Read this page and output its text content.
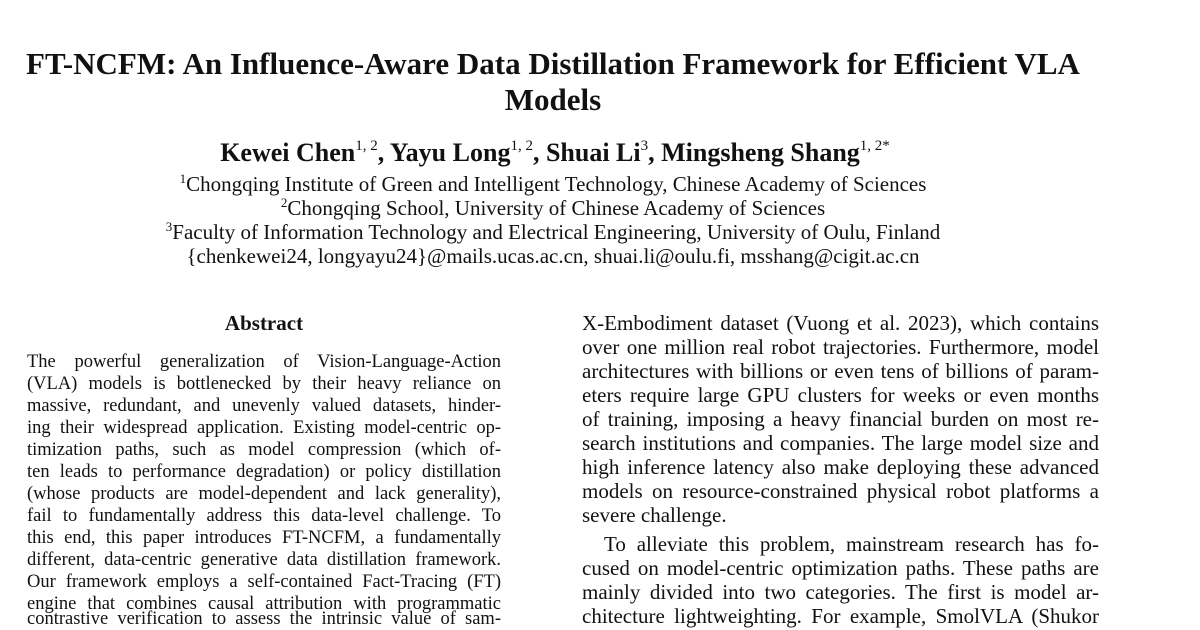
FT-NCFM: An Influence-Aware Data Distillation Framework for Efficient VLA
Models
Kewei Chen$^{1, 2}$, Yayu Long$^{1, 2}$, Shuai Li$^3$, Mingsheng Shang$^{1, 2*}$
$^1$Chongqing Institute of Green and Intelligent Technology, Chinese Academy of Sciences
$^2$Chongqing School, University of Chinese Academy of Sciences
$^3$Faculty of Information Technology and Electrical Engineering, University of Oulu, Finland
{chenkewei24, longyayu24}@mails.ucas.ac.cn, shuai.li@oulu.fi, msshang@cigit.ac.cn
Abstract
The powerful generalization of Vision-Language-Action
(VLA) models is bottlenecked by their heavy reliance on
massive, redundant, and unevenly valued datasets, hinder-
ing their widespread application. Existing model-centric op-
timization paths, such as model compression (which of-
ten leads to performance degradation) or policy distillation
(whose products are model-dependent and lack generality),
fail to fundamentally address this data-level challenge. To
this end, this paper introduces FT-NCFM, a fundamentally
different, data-centric generative data distillation framework.
Our framework employs a self-contained Fact-Tracing (FT)
engine that combines causal attribution with programmatic
contrastive verification to assess the intrinsic value of sam-
X-Embodiment dataset (Vuong et al. 2023), which contains
over one million real robot trajectories. Furthermore, model
architectures with billions or even tens of billions of param-
eters require large GPU clusters for weeks or even months
of training, imposing a heavy financial burden on most re-
search institutions and companies. The large model size and
high inference latency also make deploying these advanced
models on resource-constrained physical robot platforms a
severe challenge.
To alleviate this problem, mainstream research has fo-
cused on model-centric optimization paths. These paths are
mainly divided into two categories. The first is model ar-
chitecture lightweighting. For example, SmolVLA (Shukor
